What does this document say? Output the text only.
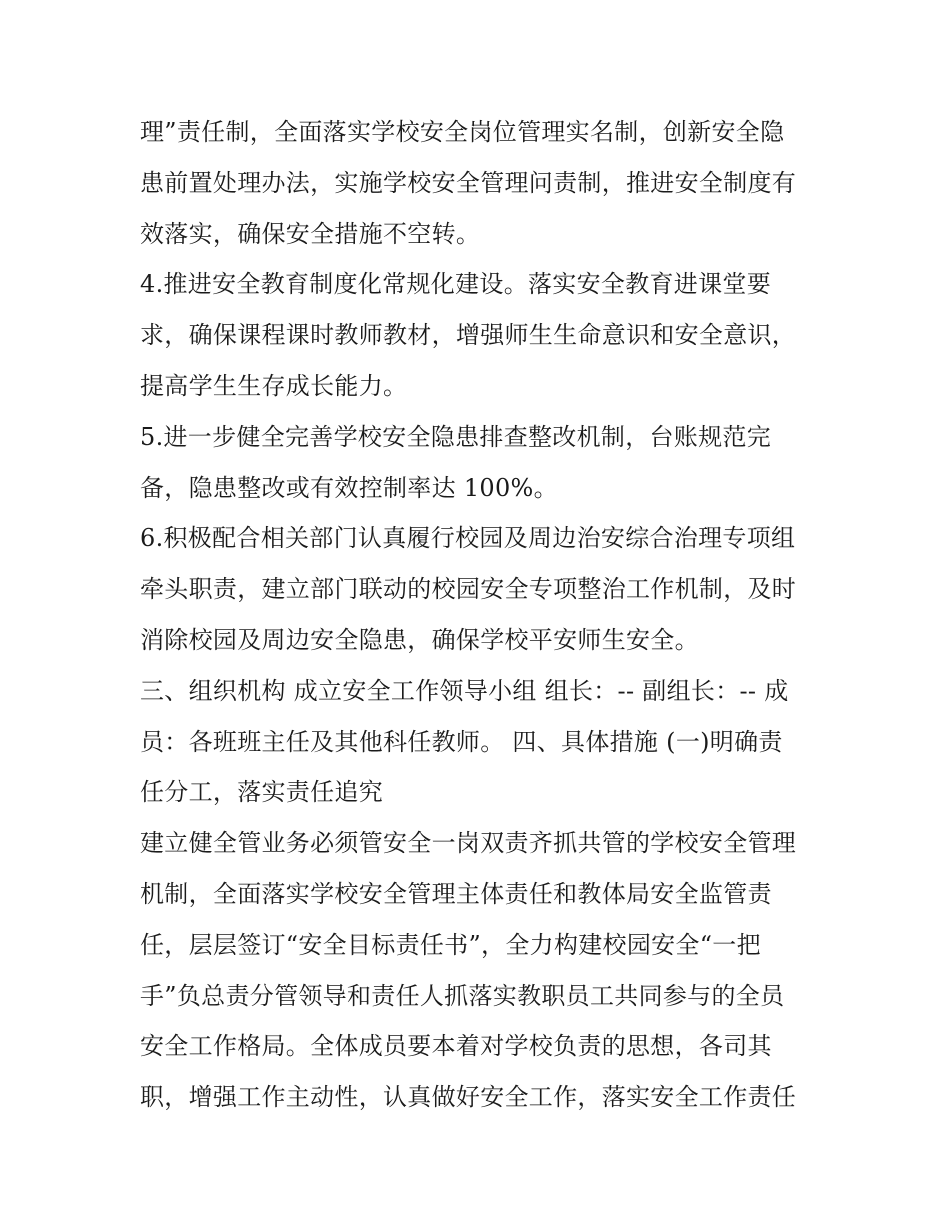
理”责任制，全面落实学校安全岗位管理实名制，创新安全隐
患前置处理办法，实施学校安全管理问责制，推进安全制度有
效落实，确保安全措施不空转。
4.推进安全教育制度化常规化建设。落实安全教育进课堂要
求，确保课程课时教师教材，增强师生生命意识和安全意识，
提高学生生存成长能力。
5.进一步健全完善学校安全隐患排查整改机制，台账规范完
备，隐患整改或有效控制率达 100%。
6.积极配合相关部门认真履行校园及周边治安综合治理专项组
牵头职责，建立部门联动的校园安全专项整治工作机制，及时
消除校园及周边安全隐患，确保学校平安师生安全。
三、组织机构 成立安全工作领导小组 组长：-- 副组长：-- 成
员：各班班主任及其他科任教师。 四、具体措施 (一)明确责
任分工，落实责任追究
建立健全管业务必须管安全一岗双责齐抓共管的学校安全管理
机制，全面落实学校安全管理主体责任和教体局安全监管责
任，层层签订“安全目标责任书”，全力构建校园安全“一把
手”负总责分管领导和责任人抓落实教职员工共同参与的全员
安全工作格局。全体成员要本着对学校负责的思想，各司其
职，增强工作主动性，认真做好安全工作，落实安全工作责任
